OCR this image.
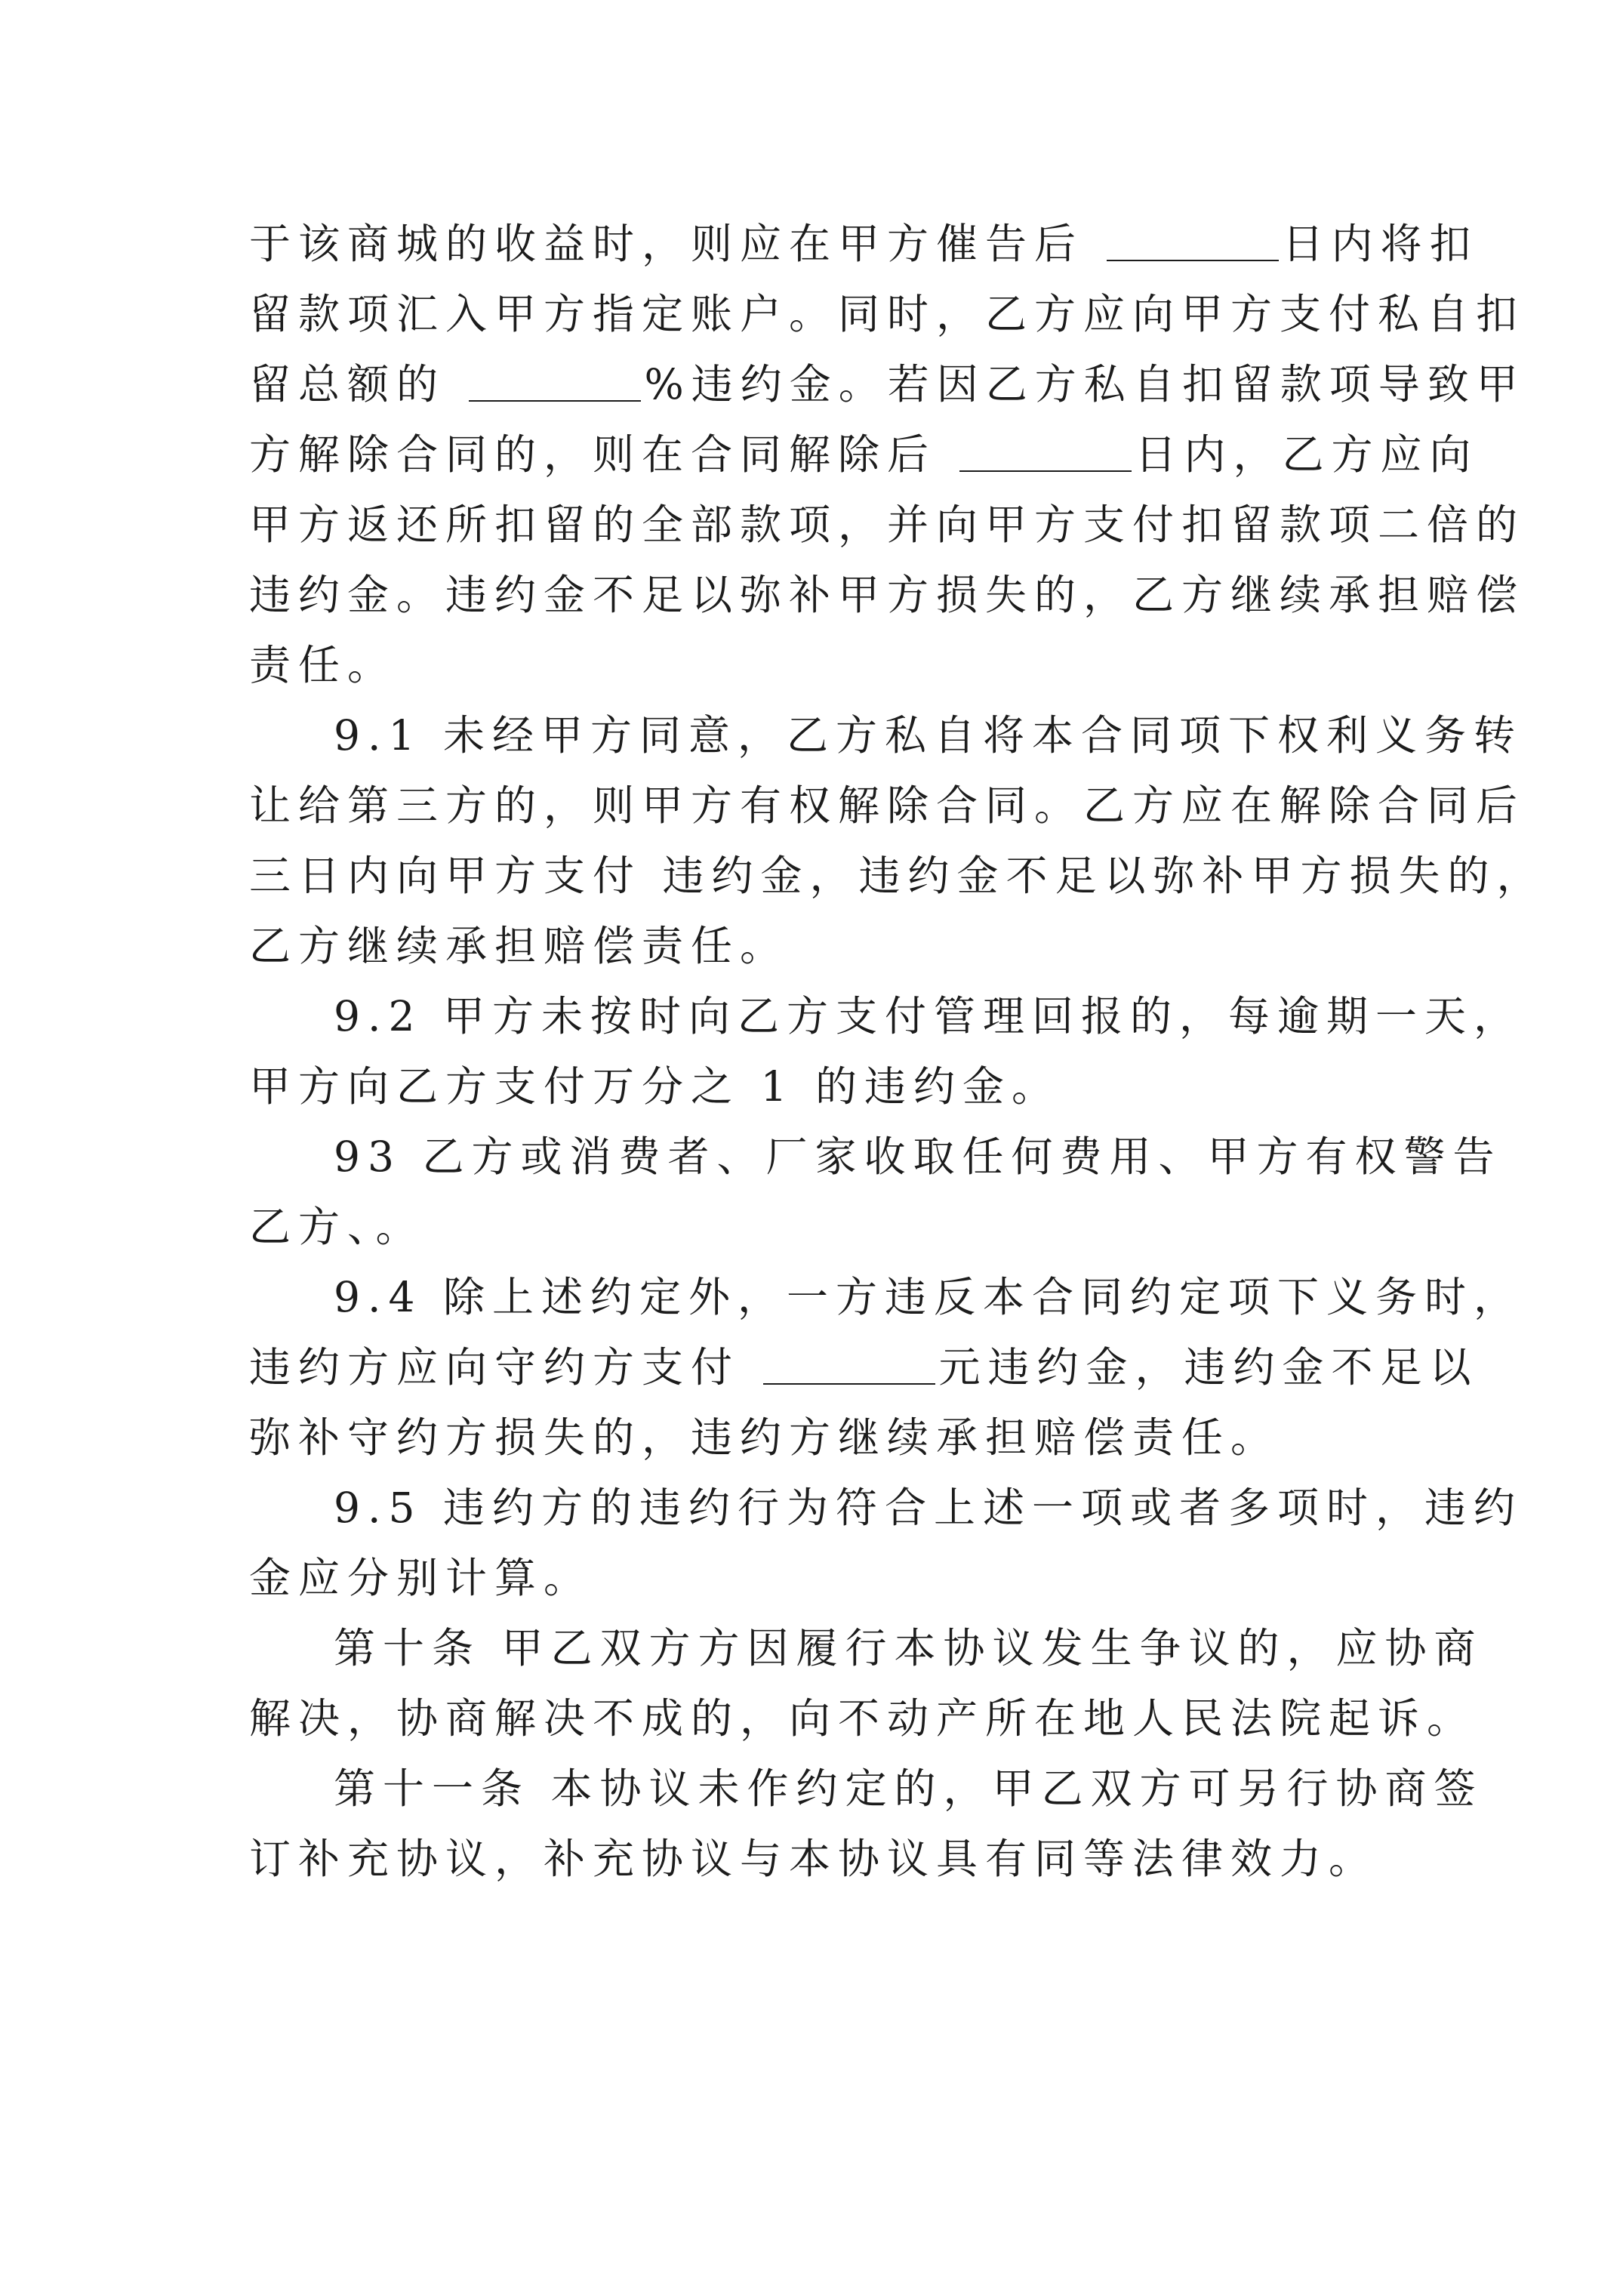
于该商城的收益时，则应在甲方催告后	日内将扣
留款项汇入甲方指定账户。同时，乙方应向甲方支付私自扣
留总额的	%违约金。若因乙方私自扣留款项导致甲
方解除合同的，则在合同解除后	日内，乙方应向
甲方返还所扣留的全部款项，并向甲方支付扣留款项二倍的
违约金。违约金不足以弥补甲方损失的，乙方继续承担赔偿
责任。

9.1 未经甲方同意，乙方私自将本合同项下权利义务转
让给第三方的，则甲方有权解除合同。乙方应在解除合同后
三日内向甲方支付 违约金，违约金不足以弥补甲方损失的，
乙方继续承担赔偿责任。

9.2 甲方未按时向乙方支付管理回报的，每逾期一天，
甲方向乙方支付万分之 1 的违约金。

93 乙方或消费者、厂家收取任何费用、甲方有权警告
乙方、。

9.4 除上述约定外，一方违反本合同约定项下义务时，
违约方应向守约方支付	元违约金，违约金不足以
弥补守约方损失的，违约方继续承担赔偿责任。

9.5 违约方的违约行为符合上述一项或者多项时，违约
金应分别计算。

第十条 甲乙双方方因履行本协议发生争议的，应协商
解决，协商解决不成的，向不动产所在地人民法院起诉。

第十一条 本协议未作约定的，甲乙双方可另行协商签
订补充协议，补充协议与本协议具有同等法律效力。
